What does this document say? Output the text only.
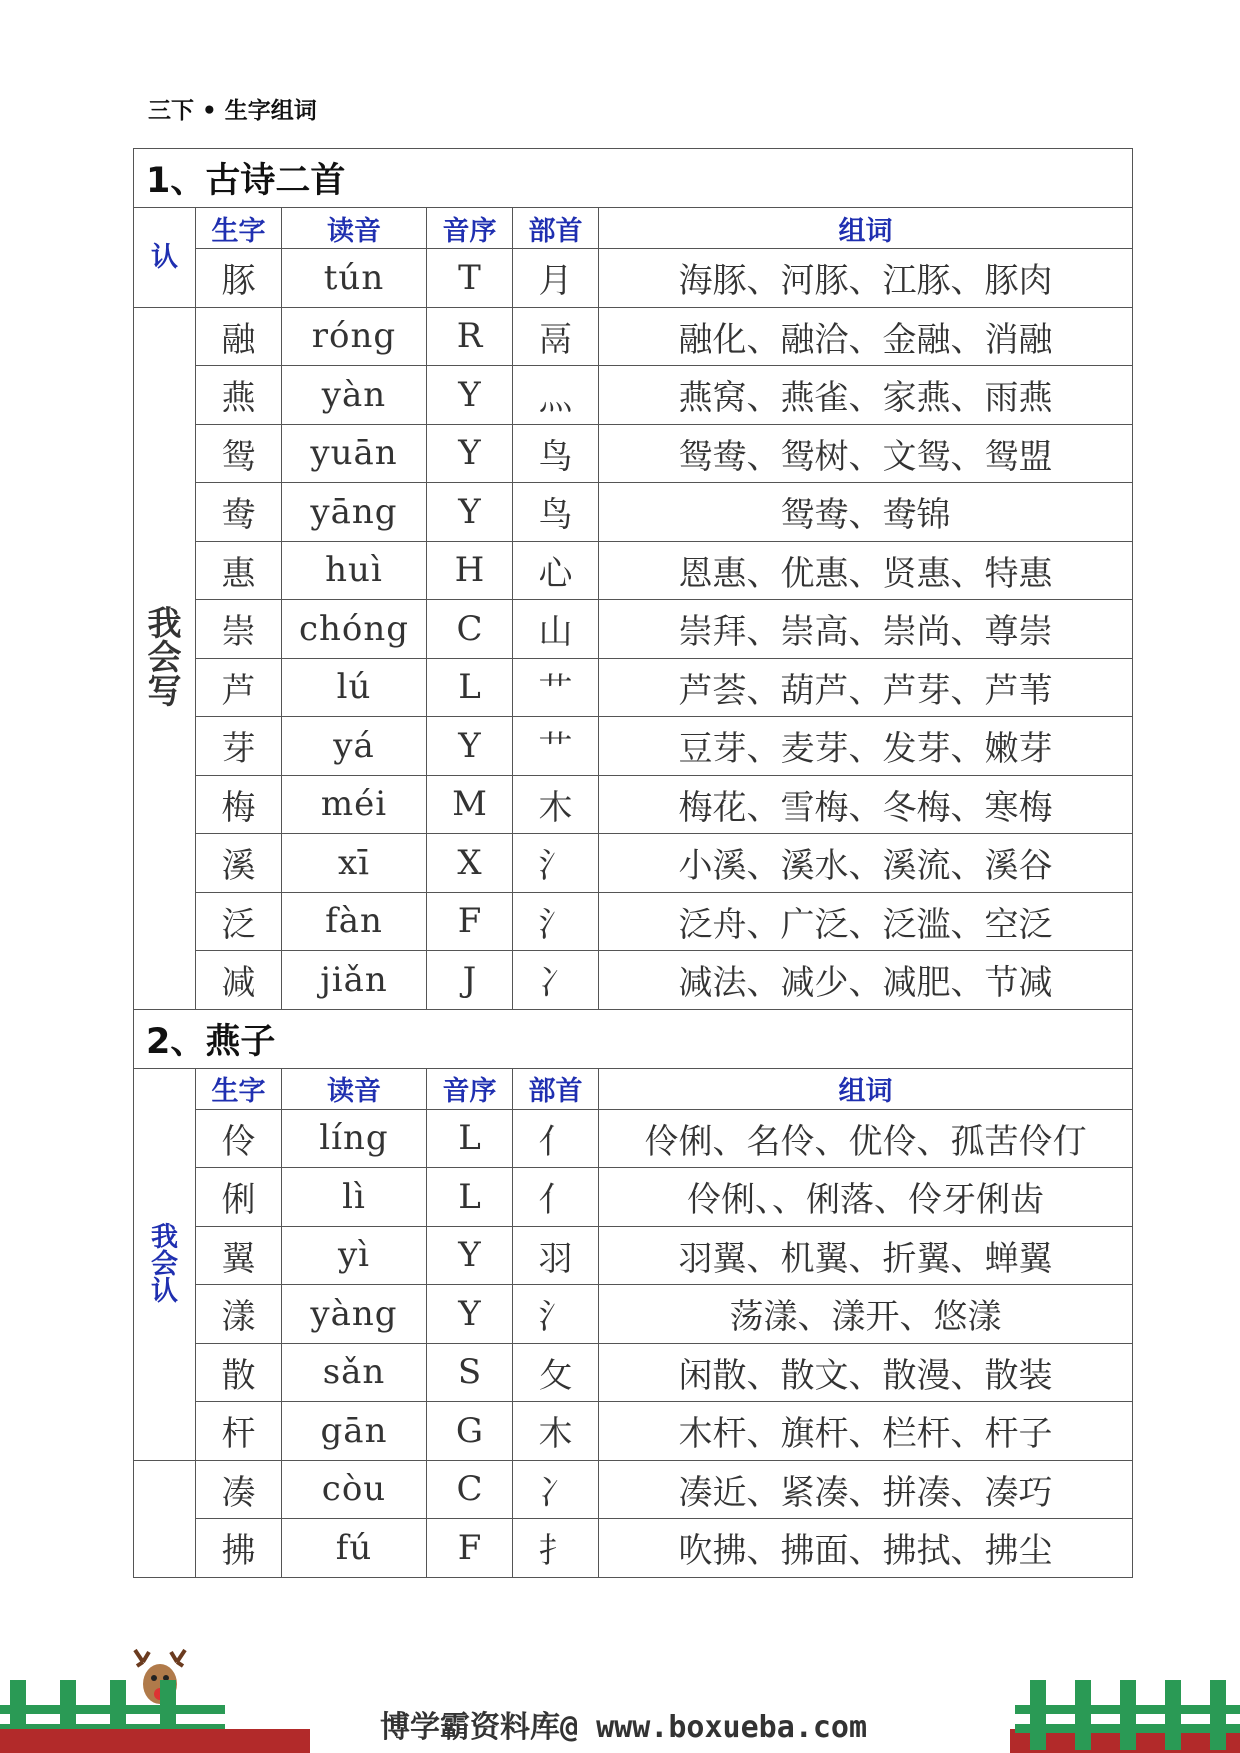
三下 • 生字组词
1、古诗二首					

认	生字	读音	音序	部首	组词
	豚	tún	T	月	海豚、河豚、江豚、豚肉

我
会
写	融	róng	R	鬲	融化、融洽、金融、消融
	燕	yàn	Y	灬	燕窝、燕雀、家燕、雨燕
	鸳	yuān	Y	鸟	鸳鸯、鸳树、文鸳、鸳盟
	鸯	yāng	Y	鸟	鸳鸯、鸯锦
	惠	huì	H	心	恩惠、优惠、贤惠、特惠
	崇	chóng	C	山	崇拜、崇高、崇尚、尊崇
	芦	lú	L	艹	芦荟、葫芦、芦芽、芦苇
	芽	yá	Y	艹	豆芽、麦芽、发芽、嫩芽
	梅	méi	M	木	梅花、雪梅、冬梅、寒梅
	溪	xī	X	氵	小溪、溪水、溪流、溪谷
	泛	fàn	F	氵	泛舟、广泛、泛滥、空泛
	减	jiǎn	J	冫	减法、减少、减肥、节减
2、燕子					

我
会
认	生字	读音	音序	部首	组词
	伶	líng	L	亻	伶俐、名伶、优伶、孤苦伶仃
	俐	lì	L	亻	伶俐、、俐落、伶牙俐齿
	翼	yì	Y	羽	羽翼、机翼、折翼、蝉翼
	漾	yàng	Y	氵	荡漾、漾开、悠漾
	散	sǎn	S	攵	闲散、散文、散漫、散装
	杆	gān	G	木	木杆、旗杆、栏杆、杆子
	凑	còu	C	冫	凑近、紧凑、拼凑、凑巧
	拂	fú	F	扌	吹拂、拂面、拂拭、拂尘
博学霸资料库@ www.boxueba.com
